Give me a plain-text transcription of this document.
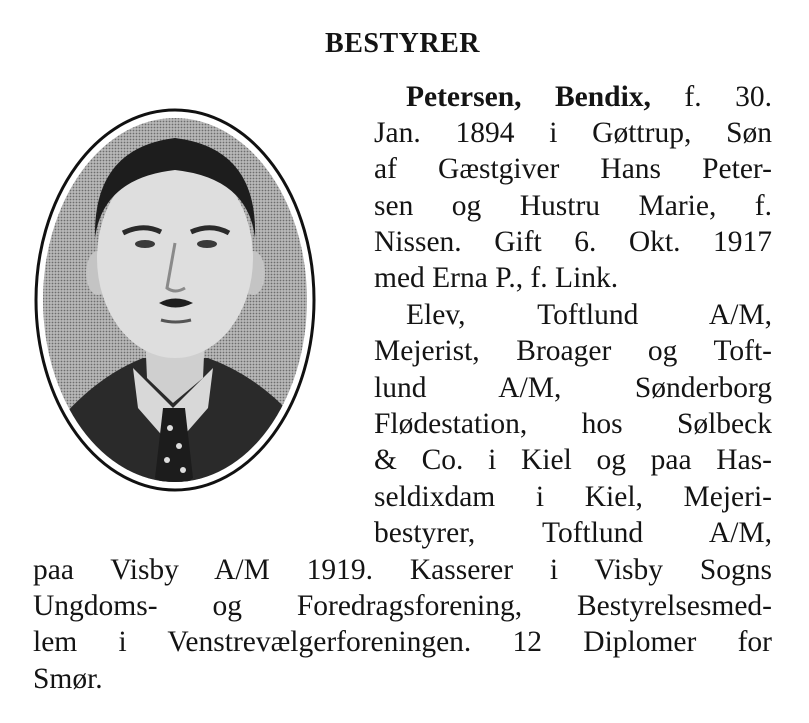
BESTYRER
Petersen, Bendix, f. 30.
Jan. 1894 i Gøttrup, Søn
af Gæstgiver Hans Peter-
sen og Hustru Marie, f.
Nissen. Gift 6. Okt. 1917
med Erna P., f. Link.
Elev, Toftlund A/M,
Mejerist, Broager og Toft-
lund A/M, Sønderborg
Flødestation, hos Sølbeck
& Co. i Kiel og paa Has-
seldixdam i Kiel, Mejeri-
bestyrer, Toftlund A/M,
paa Visby A/M 1919. Kasserer i Visby Sogns
Ungdoms- og Foredragsforening, Bestyrelsesmed-
lem i Venstrevælgerforeningen. 12 Diplomer for
Smør.
